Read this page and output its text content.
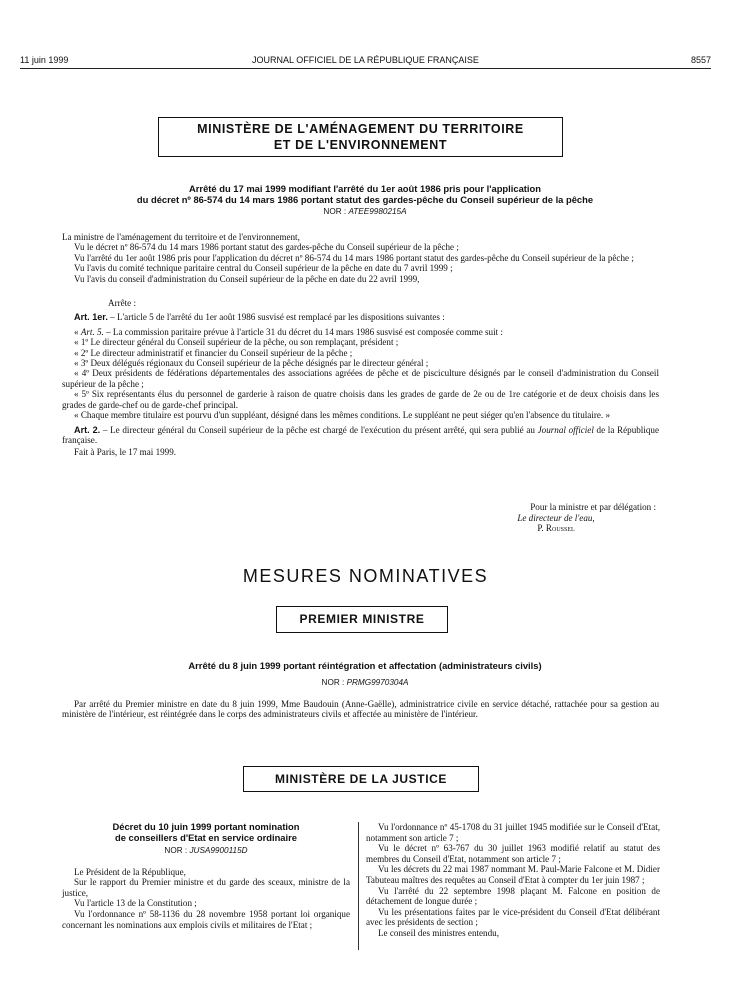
11 juin 1999	JOURNAL OFFICIEL DE LA RÉPUBLIQUE FRANÇAISE	8557
MINISTÈRE DE L'AMÉNAGEMENT DU TERRITOIRE
ET DE L'ENVIRONNEMENT
Arrêté du 17 mai 1999 modifiant l'arrêté du 1er août 1986 pris pour l'application
du décret nº 86-574 du 14 mars 1986 portant statut des gardes-pêche du Conseil supérieur de la pêche
NOR : ATEE9980215A

La ministre de l'aménagement du territoire et de l'environnement,

Vu le décret nº 86-574 du 14 mars 1986 portant statut des gardes-pêche du Conseil supérieur de la pêche ;

Vu l'arrêté du 1er août 1986 pris pour l'application du décret nº 86-574 du 14 mars 1986 portant statut des gardes-pêche du Conseil supérieur de la pêche ;

Vu l'avis du comité technique paritaire central du Conseil supérieur de la pêche en date du 7 avril 1999 ;

Vu l'avis du conseil d'administration du Conseil supérieur de la pêche en date du 22 avril 1999,

Arrête :

Art. 1er. – L'article 5 de l'arrêté du 1er août 1986 susvisé est remplacé par les dispositions suivantes :

« Art. 5. – La commission paritaire prévue à l'article 31 du décret du 14 mars 1986 susvisé est composée comme suit :

« 1º Le directeur général du Conseil supérieur de la pêche, ou son remplaçant, président ;

« 2º Le directeur administratif et financier du Conseil supérieur de la pêche ;

« 3º Deux délégués régionaux du Conseil supérieur de la pêche désignés par le directeur général ;

« 4º Deux présidents de fédérations départementales des associations agréées de pêche et de pisciculture désignés par le conseil d'administration du Conseil supérieur de la pêche ;

« 5º Six représentants élus du personnel de garderie à raison de quatre choisis dans les grades de garde de 2e ou de 1re catégorie et de deux choisis dans les grades de garde-chef ou de garde-chef principal.

« Chaque membre titulaire est pourvu d'un suppléant, désigné dans les mêmes conditions. Le suppléant ne peut siéger qu'en l'absence du titulaire. »

Art. 2. – Le directeur général du Conseil supérieur de la pêche est chargé de l'exécution du présent arrêté, qui sera publié au Journal officiel de la République française.

Fait à Paris, le 17 mai 1999.

Pour la ministre et par délégation :
Le directeur de l'eau,
P. Roussel
MESURES NOMINATIVES
PREMIER MINISTRE
Arrêté du 8 juin 1999 portant réintégration et affectation (administrateurs civils)
NOR : PRMG9970304A

Par arrêté du Premier ministre en date du 8 juin 1999, Mme Baudouin (Anne-Gaëlle), administratrice civile en service détaché, rattachée pour sa gestion au ministère de l'intérieur, est réintégrée dans le corps des administrateurs civils et affectée au ministère de l'intérieur.

MINISTÈRE DE LA JUSTICE
Décret du 10 juin 1999 portant nomination
de conseillers d'Etat en service ordinaire
NOR : JUSA9900115D

Le Président de la République,

Sur le rapport du Premier ministre et du garde des sceaux, ministre de la justice,

Vu l'article 13 de la Constitution ;

Vu l'ordonnance nº 58-1136 du 28 novembre 1958 portant loi organique concernant les nominations aux emplois civils et militaires de l'Etat ;

Vu l'ordonnance nº 45-1708 du 31 juillet 1945 modifiée sur le Conseil d'Etat, notamment son article 7 ;

Vu le décret nº 63-767 du 30 juillet 1963 modifié relatif au statut des membres du Conseil d'Etat, notamment son article 7 ;

Vu les décrets du 22 mai 1987 nommant M. Paul-Marie Falcone et M. Didier Tabuteau maîtres des requêtes au Conseil d'Etat à compter du 1er juin 1987 ;

Vu l'arrêté du 22 septembre 1998 plaçant M. Falcone en position de détachement de longue durée ;

Vu les présentations faites par le vice-président du Conseil d'Etat délibérant avec les présidents de section ;

Le conseil des ministres entendu,
